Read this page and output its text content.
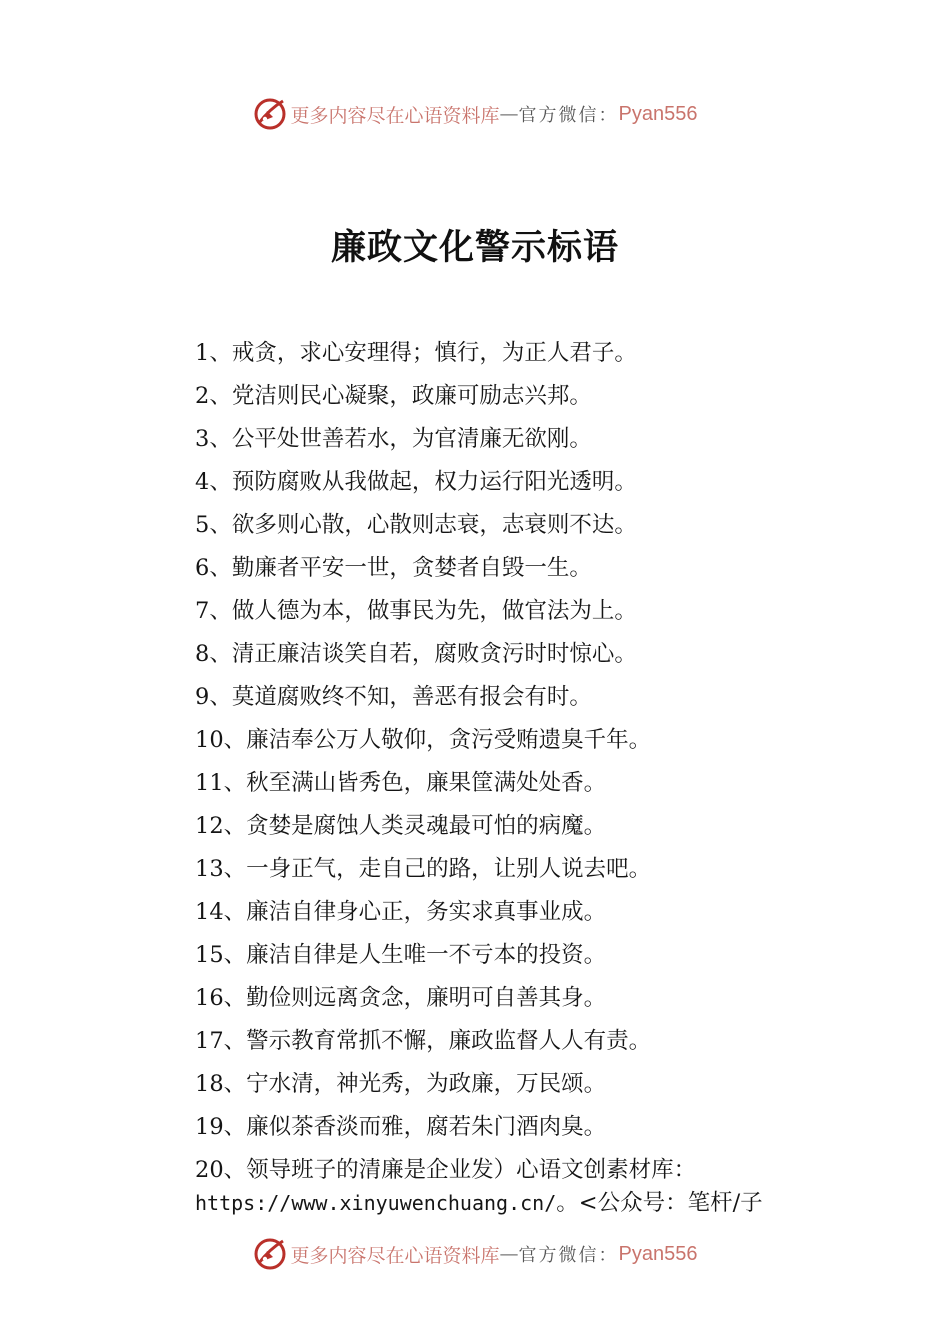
更多内容尽在心语资料库 — 官方微信： Pyan556
廉政文化警示标语
1、戒贪，求心安理得；慎行，为正人君子。
2、党洁则民心凝聚，政廉可励志兴邦。
3、公平处世善若水，为官清廉无欲刚。
4、预防腐败从我做起，权力运行阳光透明。
5、欲多则心散，心散则志衰，志衰则不达。
6、勤廉者平安一世，贪婪者自毁一生。
7、做人德为本，做事民为先，做官法为上。
8、清正廉洁谈笑自若，腐败贪污时时惊心。
9、莫道腐败终不知，善恶有报会有时。
10、廉洁奉公万人敬仰，贪污受贿遗臭千年。
11、秋至满山皆秀色，廉果筐满处处香。
12、贪婪是腐蚀人类灵魂最可怕的病魔。
13、一身正气，走自己的路，让别人说去吧。
14、廉洁自律身心正，务实求真事业成。
15、廉洁自律是人生唯一不亏本的投资。
16、勤俭则远离贪念，廉明可自善其身。
17、警示教育常抓不懈，廉政监督人人有责。
18、宁水清，神光秀，为政廉，万民颂。
19、廉似茶香淡而雅，腐若朱门酒肉臭。
20、领导班子的清廉是企业发）心语文创素材库：
https://www.xinyuwenchuang.cn/。<公众号：笔杆/子
更多内容尽在心语资料库 — 官方微信： Pyan556
